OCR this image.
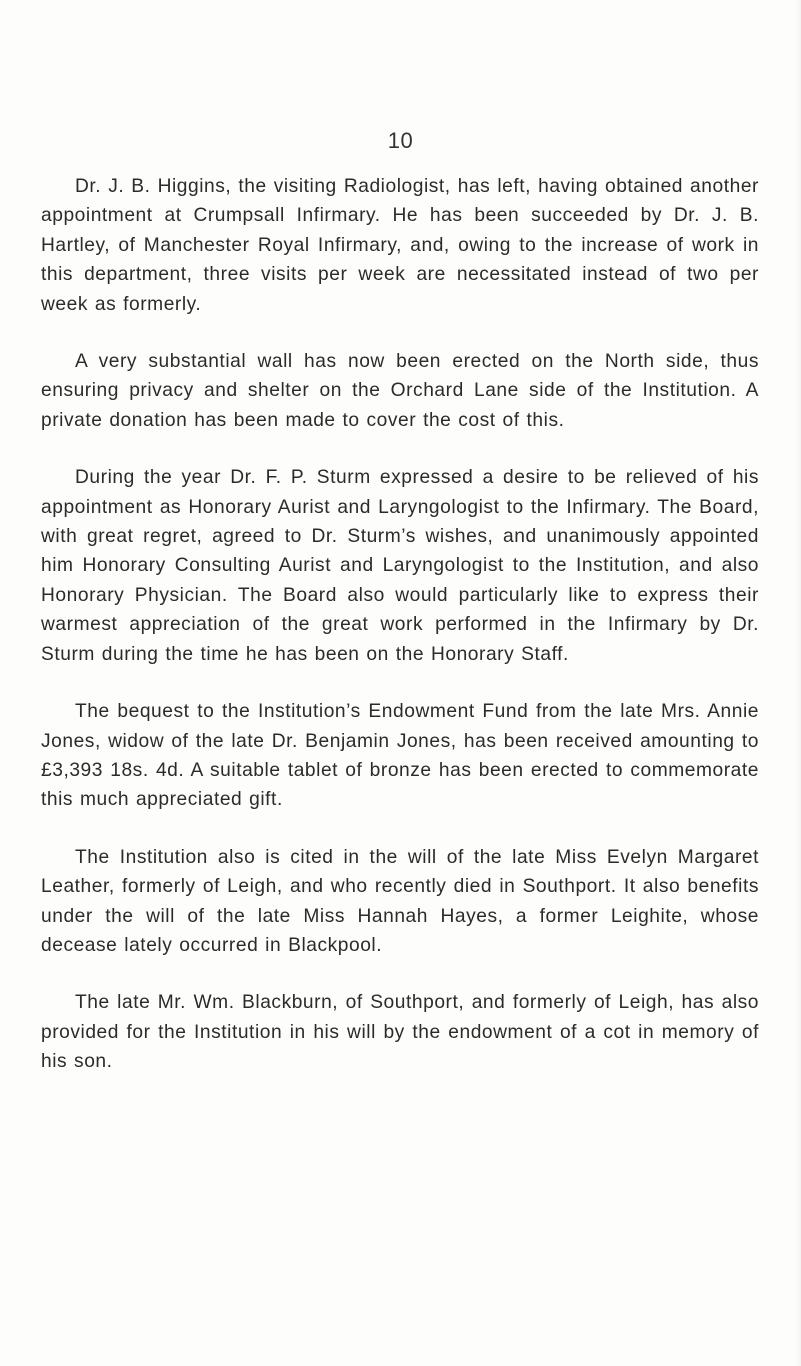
10

Dr. J. B. Higgins, the visiting Radiologist, has left, having obtained another appointment at Crumpsall Infirmary. He has been succeeded by Dr. J. B. Hartley, of Manchester Royal Infirmary, and, owing to the increase of work in this department, three visits per week are necessitated instead of two per week as formerly.

A very substantial wall has now been erected on the North side, thus ensuring privacy and shelter on the Orchard Lane side of the Institution. A private donation has been made to cover the cost of this.

During the year Dr. F. P. Sturm expressed a desire to be relieved of his appointment as Honorary Aurist and Laryngologist to the Infirmary. The Board, with great regret, agreed to Dr. Sturm’s wishes, and unanimously appointed him Honorary Consulting Aurist and Laryngologist to the Institution, and also Honorary Physician. The Board also would particularly like to express their warmest appreciation of the great work performed in the Infirmary by Dr. Sturm during the time he has been on the Honorary Staff.

The bequest to the Institution’s Endowment Fund from the late Mrs. Annie Jones, widow of the late Dr. Benjamin Jones, has been received amounting to £3,393 18s. 4d. A suitable tablet of bronze has been erected to commemorate this much appreciated gift.

The Institution also is cited in the will of the late Miss Evelyn Margaret Leather, formerly of Leigh, and who recently died in Southport. It also benefits under the will of the late Miss Hannah Hayes, a former Leighite, whose decease lately occurred in Blackpool.

The late Mr. Wm. Blackburn, of Southport, and formerly of Leigh, has also provided for the Institution in his will by the endowment of a cot in memory of his son.
